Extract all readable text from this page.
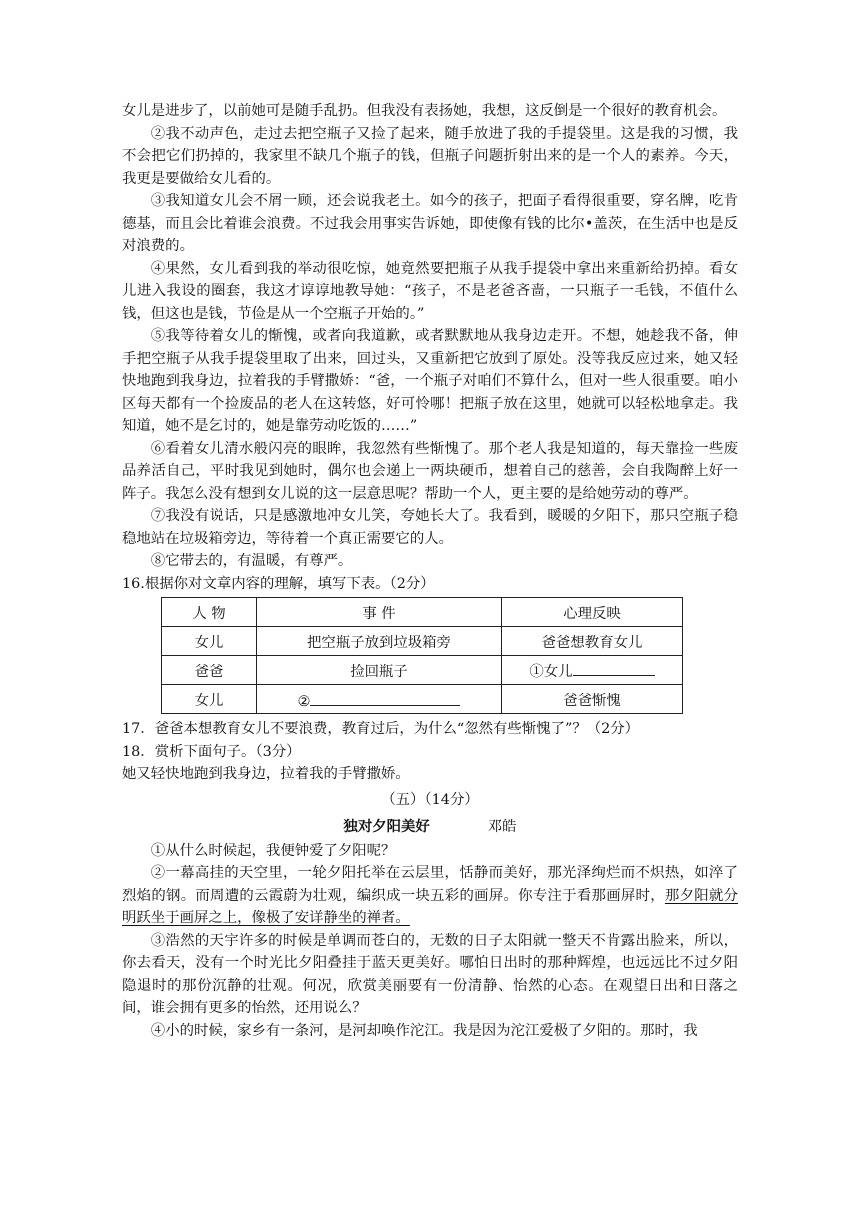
女儿是进步了，以前她可是随手乱扔。但我没有表扬她，我想，这反倒是一个很好的教育机会。

②我不动声色，走过去把空瓶子又捡了起来，随手放进了我的手提袋里。这是我的习惯，我不会把它们扔掉的，我家里不缺几个瓶子的钱，但瓶子问题折射出来的是一个人的素养。今天，我更是要做给女儿看的。

③我知道女儿会不屑一顾，还会说我老土。如今的孩子，把面子看得很重要，穿名牌，吃肯德基，而且会比着谁会浪费。不过我会用事实告诉她，即使像有钱的比尔•盖茨，在生活中也是反对浪费的。

④果然，女儿看到我的举动很吃惊，她竟然要把瓶子从我手提袋中拿出来重新给扔掉。看女儿进入我设的圈套，我这才谆谆地教导她：“孩子，不是老爸吝啬，一只瓶子一毛钱，不值什么钱，但这也是钱，节俭是从一个空瓶子开始的。”

⑤我等待着女儿的惭愧，或者向我道歉，或者默默地从我身边走开。不想，她趁我不备，伸手把空瓶子从我手提袋里取了出来，回过头，又重新把它放到了原处。没等我反应过来，她又轻快地跑到我身边，拉着我的手臂撒娇：“爸，一个瓶子对咱们不算什么，但对一些人很重要。咱小区每天都有一个捡废品的老人在这转悠，好可怜哪！把瓶子放在这里，她就可以轻松地拿走。我知道，她不是乞讨的，她是靠劳动吃饭的……”

⑥看着女儿清水般闪亮的眼眸，我忽然有些惭愧了。那个老人我是知道的，每天靠捡一些废品养活自己，平时我见到她时，偶尔也会递上一两块硬币，想着自己的慈善，会自我陶醉上好一阵子。我怎么没有想到女儿说的这一层意思呢？帮助一个人，更主要的是给她劳动的尊严。

⑦我没有说话，只是感激地冲女儿笑，夸她长大了。我看到，暖暖的夕阳下，那只空瓶子稳稳地站在垃圾箱旁边，等待着一个真正需要它的人。

⑧它带去的，有温暖，有尊严。

16.根据你对文章内容的理解，填写下表。（2分）

人 物	事 件	心理反映
女儿	把空瓶子放到垃圾箱旁	爸爸想教育女儿
爸爸	捡回瓶子	①女儿
女儿	②	爸爸惭愧

17．爸爸本想教育女儿不要浪费，教育过后，为什么“忽然有些惭愧了”？（2分）

18．赏析下面句子。（3分）

她又轻快地跑到我身边，拉着我的手臂撒娇。

（五）（14分）

独对夕阳美好	邓皓

①从什么时候起，我便钟爱了夕阳呢？

②一幕高挂的天空里，一轮夕阳托举在云层里，恬静而美好，那光泽绚烂而不炽热，如淬了烈焰的钢。而周遭的云霞蔚为壮观，编织成一块五彩的画屏。你专注于看那画屏时，那夕阳就分明跃坐于画屏之上，像极了安详静坐的禅者。

③浩然的天宇许多的时候是单调而苍白的，无数的日子太阳就一整天不肯露出脸来，所以，你去看天，没有一个时光比夕阳叠挂于蓝天更美好。哪怕日出时的那种辉煌，也远远比不过夕阳隐退时的那份沉静的壮观。何况，欣赏美丽要有一份清静、怡然的心态。在观望日出和日落之间，谁会拥有更多的怡然，还用说么？

④小的时候，家乡有一条河，是河却唤作沱江。我是因为沱江爱极了夕阳的。那时，我
